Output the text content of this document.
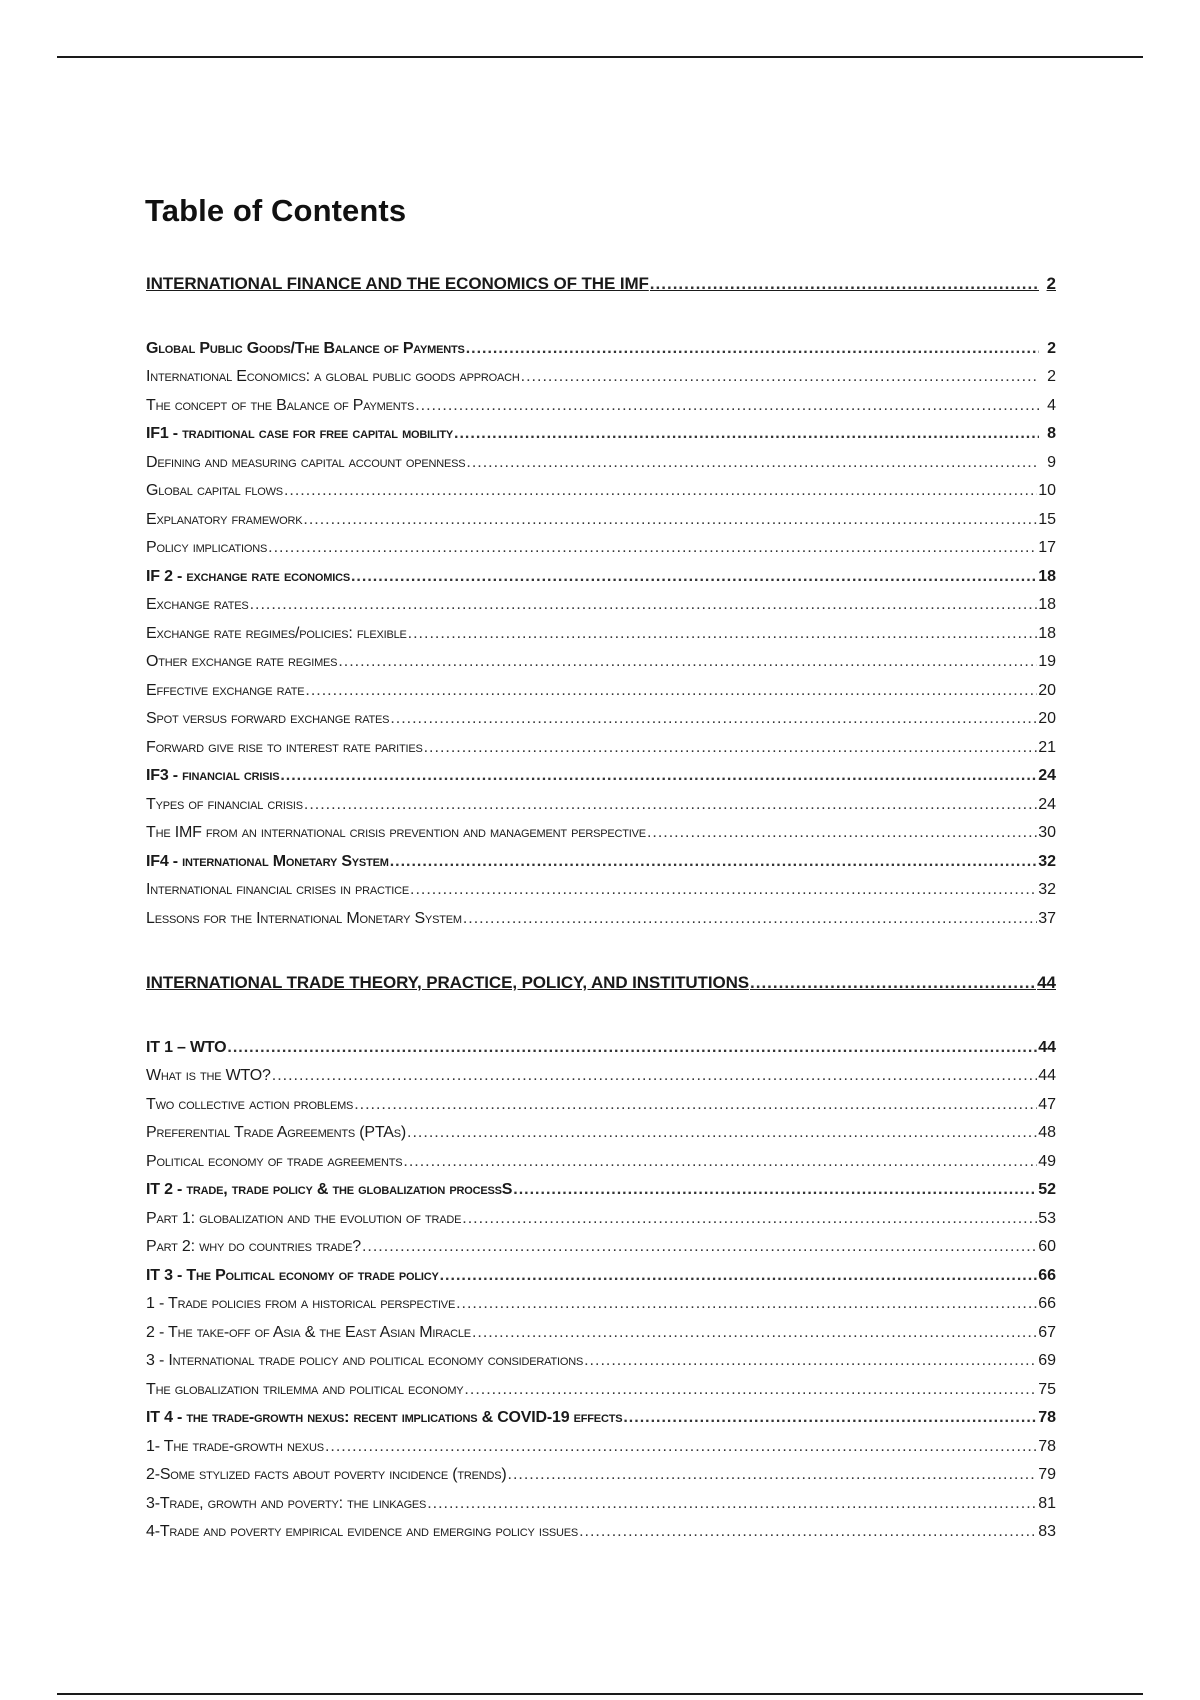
Table of Contents
INTERNATIONAL FINANCE AND THE ECONOMICS OF THE IMF .....	2
Global Public Goods/The Balance of Payments .....	2
International Economics: a global public goods approach .....	2
The concept of the Balance of Payments .....	4
IF1 - traditional case for free capital mobility .....	8
Defining and measuring capital account openness .....	9
Global capital flows .....	10
Explanatory framework .....	15
Policy implications .....	17
IF 2 - exchange rate economics .....	18
Exchange rates .....	18
Exchange rate regimes/policies: flexible .....	18
Other exchange rate regimes .....	19
Effective exchange rate .....	20
Spot versus forward exchange rates .....	20
Forward give rise to interest rate parities .....	21
IF3 - financial crisis .....	24
Types of financial crisis .....	24
The IMF from an international crisis prevention and management perspective .....	30
IF4 - international Monetary System .....	32
International financial crises in practice .....	32
Lessons for the International Monetary System .....	37
INTERNATIONAL TRADE THEORY, PRACTICE, POLICY, AND INSTITUTIONS .....	44
IT 1 – WTO .....	44
What is the WTO? .....	44
Two collective action problems .....	47
Preferential Trade Agreements (PTAs) .....	48
Political economy of trade agreements .....	49
IT 2 - trade, trade policy & the globalization processS .....	52
Part 1: globalization and the evolution of trade .....	53
Part 2: why do countries trade? .....	60
IT 3 - The Political economy of trade policy .....	66
1 - Trade policies from a historical perspective .....	66
2 - The take-off of Asia & the East Asian Miracle .....	67
3 - International trade policy and political economy considerations .....	69
The globalization trilemma and political economy .....	75
IT 4 - the trade-growth nexus: recent implications & COVID-19 effects .....	78
1- The trade-growth nexus .....	78
2-Some stylized facts about poverty incidence (trends) .....	79
3-Trade, growth and poverty: the linkages .....	81
4-Trade and poverty empirical evidence and emerging policy issues .....	83
